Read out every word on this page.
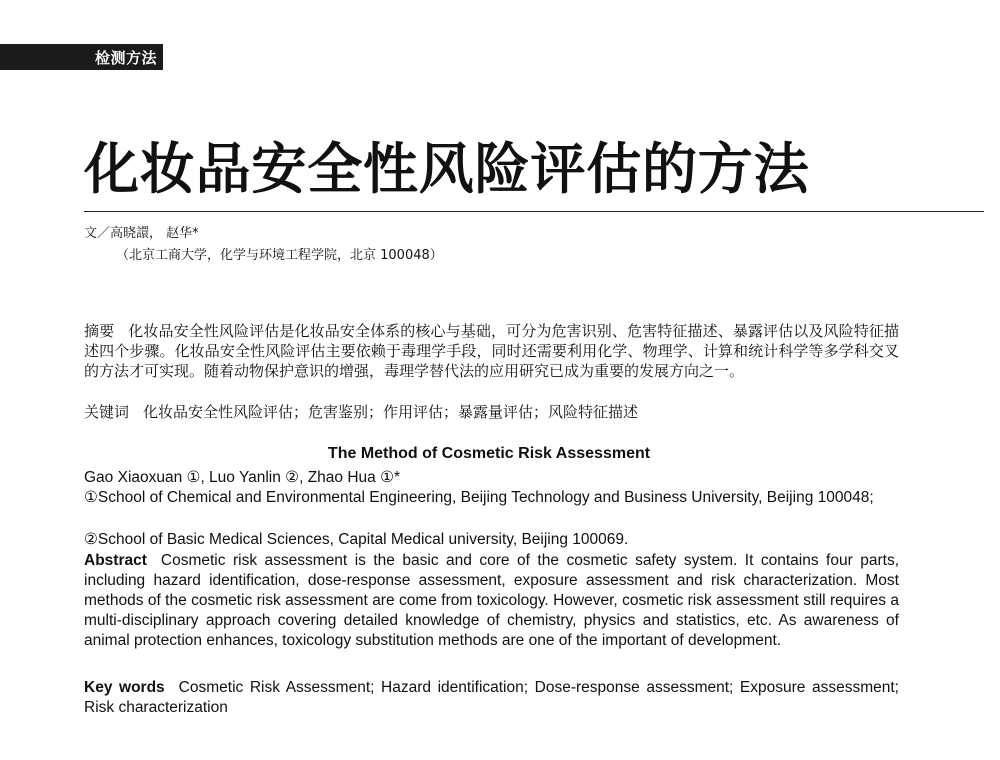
检测方法
化妆品安全性风险评估的方法
文／高晓譞， 赵华*
（北京工商大学，化学与环境工程学院，北京 100048）
摘要 化妆品安全性风险评估是化妆品安全体系的核心与基础，可分为危害识别、危害特征描述、暴露评估以及风险特征描述四个步骤。化妆品安全性风险评估主要依赖于毒理学手段，同时还需要利用化学、物理学、计算和统计科学等多学科交叉的方法才可实现。随着动物保护意识的增强，毒理学替代法的应用研究已成为重要的发展方向之一。
关键词 化妆品安全性风险评估；危害鉴别；作用评估；暴露量评估；风险特征描述
The Method of Cosmetic Risk Assessment
Gao Xiaoxuan ①, Luo Yanlin ②, Zhao Hua ①*
①School of Chemical and Environmental Engineering, Beijing Technology and Business University, Beijing 100048;
②School of Basic Medical Sciences, Capital Medical university, Beijing 100069.
Abstract Cosmetic risk assessment is the basic and core of the cosmetic safety system. It contains four parts, including hazard identification, dose-response assessment, exposure assessment and risk characterization. Most methods of the cosmetic risk assessment are come from toxicology. However, cosmetic risk assessment still requires a multi-disciplinary approach covering detailed knowledge of chemistry, physics and statistics, etc. As awareness of animal protection enhances, toxicology substitution methods are one of the important of development.
Key words Cosmetic Risk Assessment; Hazard identification; Dose-response assessment; Exposure assessment; Risk characterization
